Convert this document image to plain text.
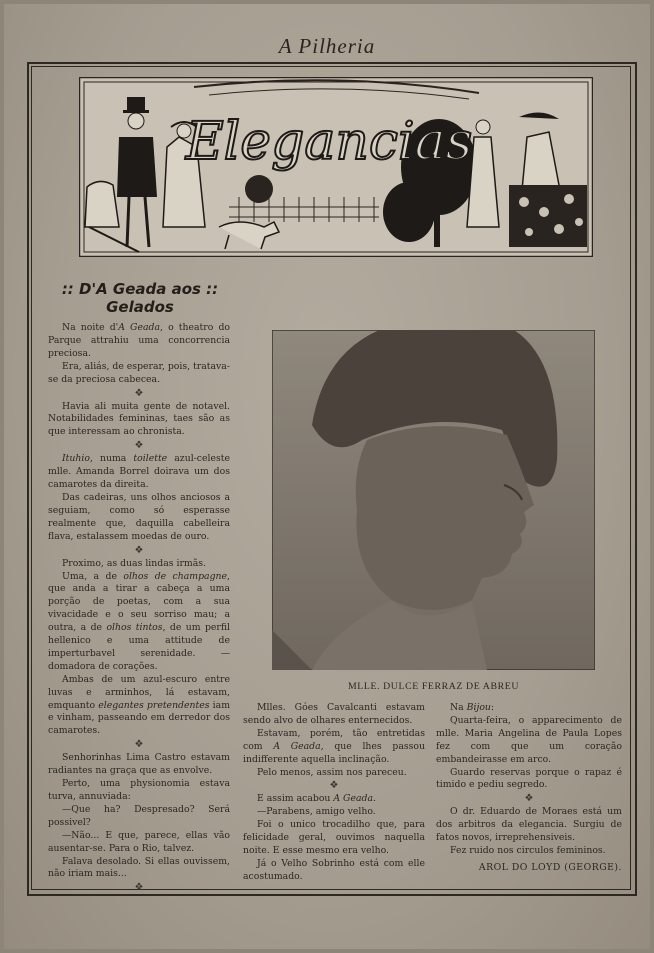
A Pilheria
Elegancias
:: D'A Geada aos ::
Gelados

Na noite d'A Geada, o theatro do Parque attrahiu uma concorrencia preciosa.

Era, aliás, de esperar, pois, tratava-se da preciosa cabecea.

❖

Havia ali muita gente de notavel. Notabilidades femininas, taes são as que interessam ao chronista.

❖

Ituhio, numa toilette azul-celeste mlle. Amanda Borrel doirava um dos camarotes da direita.

Das cadeiras, uns olhos anciosos a seguiam, como só esperasse realmente que, daquilla cabelleira flava, estalassem moedas de ouro.

❖

Proximo, as duas lindas irmãs.

Uma, a de olhos de champagne, que anda a tirar a cabeça a uma porção de poetas, com a sua vivacidade e o seu sorriso mau; a outra, a de olhos tintos, de um perfil hellenico e uma attitude de imperturbavel serenidade. — domadora de corações.

Ambas de um azul-escuro entre luvas e arminhos, lá estavam, emquanto elegantes pretendentes iam e vinham, passeando em derredor dos camarotes.

❖

Senhorinhas Lima Castro estavam radiantes na graça que as envolve.

Perto, uma physionomia estava turva, annuviada:

—Que ha? Despresado? Será possivel?

—Não... E que, parece, ellas vão ausentar-se. Para o Rio, talvez.

Falava desolado. Si ellas ouvissem, não iriam mais...

❖
MLLE. DULCE FERRAZ DE ABREU

Mlles. Góes Cavalcanti estavam sendo alvo de olhares enternecidos.

Estavam, porém, tão entretidas com A Geada, que lhes passou indifferente aquella inclinação.

Pelo menos, assim nos pareceu.

❖

E assim acabou A Geada.

—Parabens, amigo velho.

Foi o unico trocadilho que, para felicidade geral, ouvimos naquella noite. E esse mesmo era velho.

Já o Velho Sobrinho está com elle acostumado.

Na Bijou:

Quarta-feira, o apparecimento de mlle. Maria Angelina de Paula Lopes fez com que um coração embandeirasse em arco.

Guardo reservas porque o rapaz é timido e pediu segredo.

❖

O dr. Eduardo de Moraes está um dos arbitros da elegancia. Surgiu de fatos novos, irreprehensiveis.

Fez ruido nos circulos femininos.

AROL DO LOYD (GEORGE).
